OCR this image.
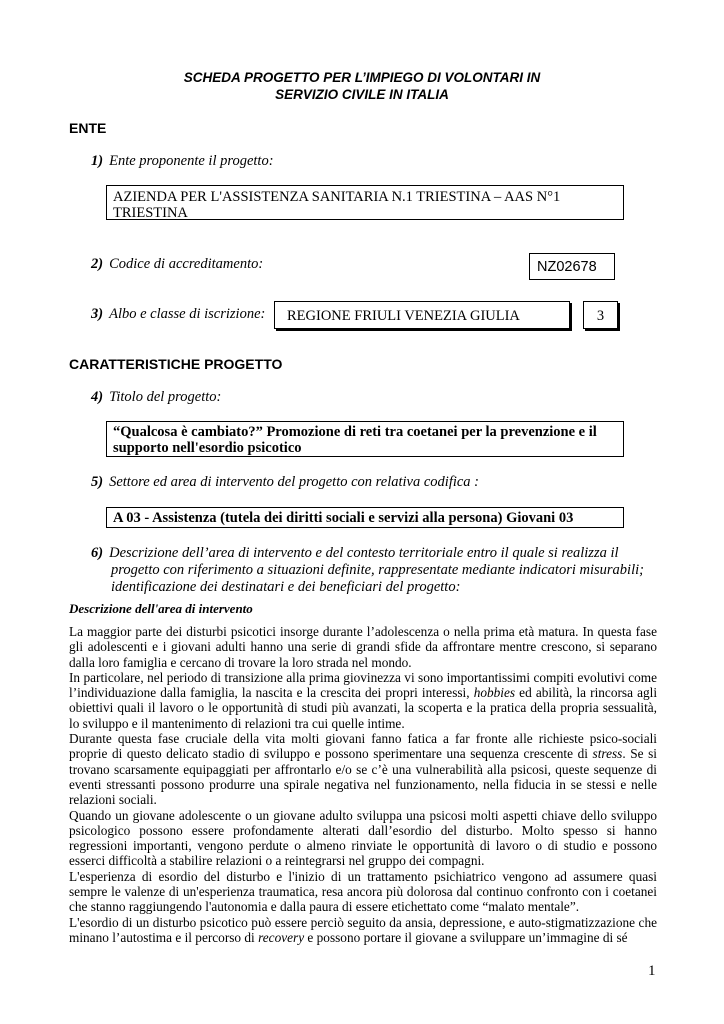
SCHEDA PROGETTO PER L’IMPIEGO DI VOLONTARI IN
SERVIZIO CIVILE IN ITALIA
ENTE
1) Ente proponente il progetto:
AZIENDA PER L'ASSISTENZA SANITARIA N.1 TRIESTINA – AAS N°1 TRIESTINA
2) Codice di accreditamento:	NZ02678
3) Albo e classe di iscrizione:	REGIONE FRIULI VENEZIA GIULIA	3
CARATTERISTICHE PROGETTO
4) Titolo del progetto:
“Qualcosa è cambiato?” Promozione di reti tra coetanei per la prevenzione e il supporto nell'esordio psicotico
5) Settore ed area di intervento del progetto con relativa codifica :
A 03 - Assistenza (tutela dei diritti sociali e servizi alla persona) Giovani 03
6) Descrizione dell’area di intervento e del contesto territoriale entro il quale si realizza il
progetto con riferimento a situazioni definite, rappresentate mediante indicatori misurabili;
identificazione dei destinatari e dei beneficiari del progetto:
Descrizione dell'area di intervento

La maggior parte dei disturbi psicotici insorge durante l’adolescenza o nella prima età matura. In questa fase gli adolescenti e i giovani adulti hanno una serie di grandi sfide da affrontare mentre crescono, si separano dalla loro famiglia e cercano di trovare la loro strada nel mondo.

In particolare, nel periodo di transizione alla prima giovinezza vi sono importantissimi compiti evolutivi come l’individuazione dalla famiglia, la nascita e la crescita dei propri interessi, hobbies ed abilità, la rincorsa agli obiettivi quali il lavoro o le opportunità di studi più avanzati, la scoperta e la pratica della propria sessualità, lo sviluppo e il mantenimento di relazioni tra cui quelle intime.

Durante questa fase cruciale della vita molti giovani fanno fatica a far fronte alle richieste psico-sociali proprie di questo delicato stadio di sviluppo e possono sperimentare una sequenza crescente di stress. Se si trovano scarsamente equipaggiati per affrontarlo e/o se c’è una vulnerabilità alla psicosi, queste sequenze di eventi stressanti possono produrre una spirale negativa nel funzionamento, nella fiducia in se stessi e nelle relazioni sociali.

Quando un giovane adolescente o un giovane adulto sviluppa una psicosi molti aspetti chiave dello sviluppo psicologico possono essere profondamente alterati dall’esordio del disturbo. Molto spesso si hanno regressioni importanti, vengono perdute o almeno rinviate le opportunità di lavoro o di studio e possono esserci difficoltà a stabilire relazioni o a reintegrarsi nel gruppo dei compagni.

L'esperienza di esordio del disturbo e l'inizio di un trattamento psichiatrico vengono ad assumere quasi sempre le valenze di un'esperienza traumatica, resa ancora più dolorosa dal continuo confronto con i coetanei che stanno raggiungendo l'autonomia e dalla paura di essere etichettato come “malato mentale”.

L'esordio di un disturbo psicotico può essere perciò seguito da ansia, depressione, e auto-stigmatizzazione che minano l’autostima e il percorso di recovery e possono portare il giovane a sviluppare un’immagine di sé

1
